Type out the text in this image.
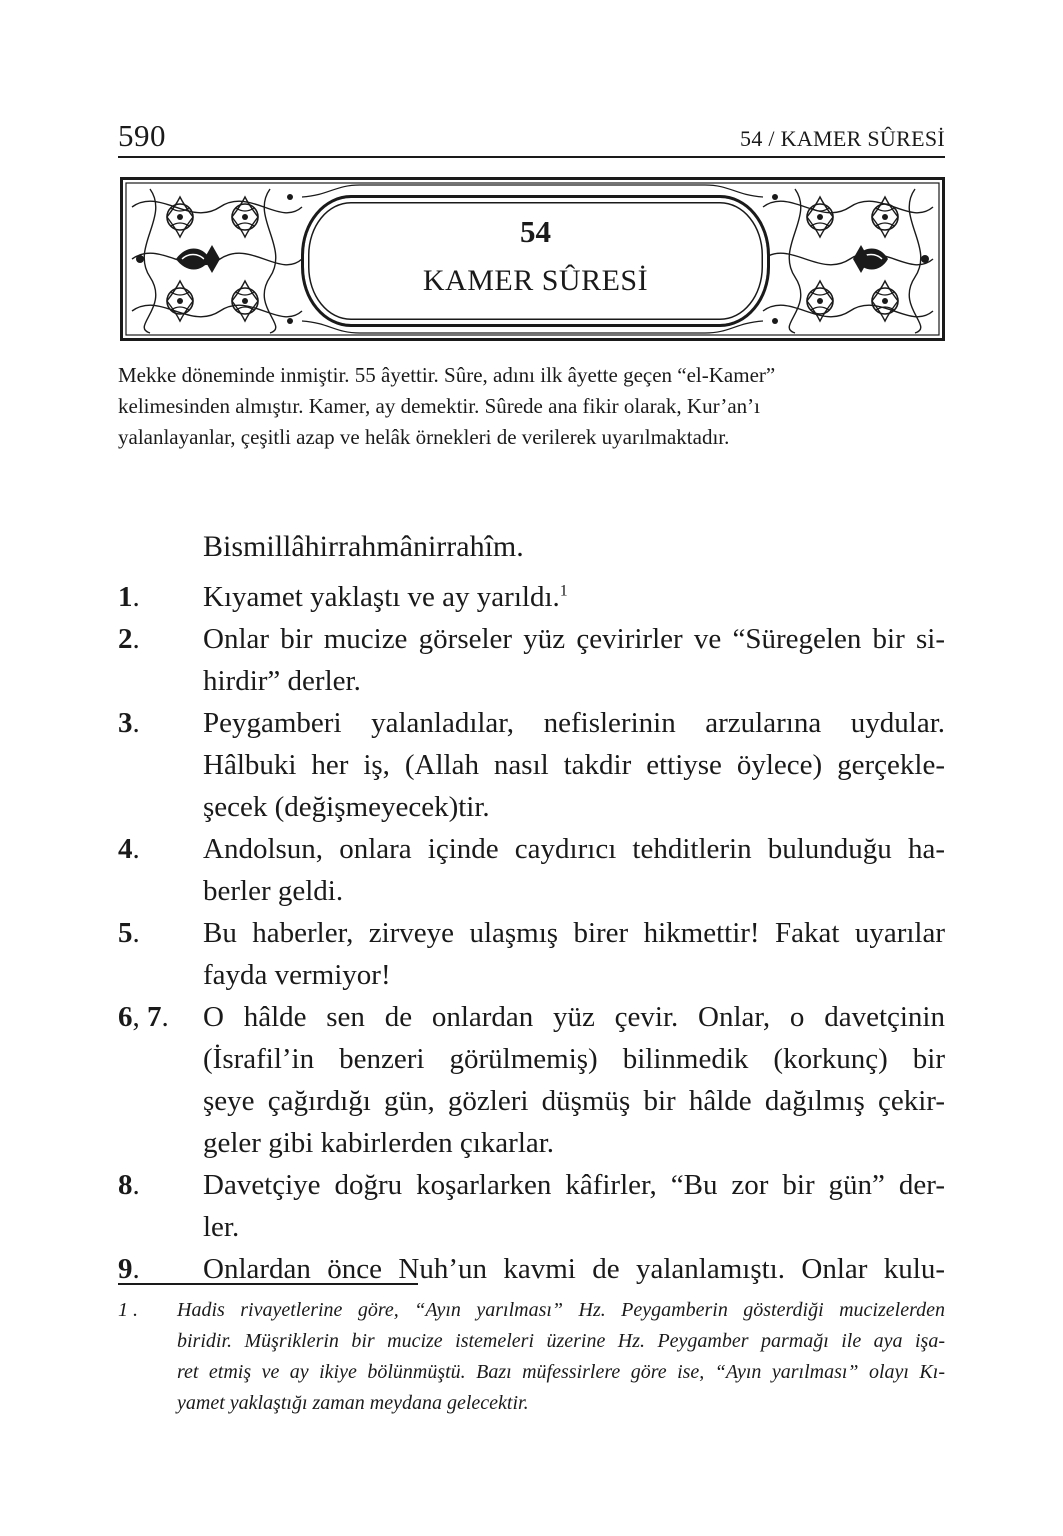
590	54 / KAMER SÛRESİ
54
KAMER SÛRESİ
Mekke döneminde inmiştir. 55 âyettir. Sûre, adını ilk âyette geçen “el-Kamer”
kelimesinden almıştır. Kamer, ay demektir. Sûrede ana fikir olarak, Kur’an’ı
yalanlayanlar, çeşitli azap ve helâk örnekleri de verilerek uyarılmaktadır.
Bismillâhirrahmânirrahîm.
1.	Kıyamet yaklaştı ve ay yarıldı.$^1$
2.	Onlar bir mucize görseler yüz çevirirler ve “Süregelen bir si-
hirdir” derler.
3.	Peygamberi yalanladılar, nefislerinin arzularına uydular.
Hâlbuki her iş, (Allah nasıl takdir ettiyse öylece) gerçekle-
şecek (değişmeyecek)tir.
4.	Andolsun, onlara içinde caydırıcı tehditlerin bulunduğu ha-
berler geldi.
5.	Bu haberler, zirveye ulaşmış birer hikmettir! Fakat uyarılar
fayda vermiyor!
6, 7.	O hâlde sen de onlardan yüz çevir. Onlar, o davetçinin
(İsrafil’in benzeri görülmemiş) bilinmedik (korkunç) bir
şeye çağırdığı gün, gözleri düşmüş bir hâlde dağılmış çekir-
geler gibi kabirlerden çıkarlar.
8.	Davetçiye doğru koşarlarken kâfirler, “Bu zor bir gün” der-
ler.
9.	Onlardan önce Nuh’un kavmi de yalanlamıştı. Onlar kulu-
1 . Hadis rivayetlerine göre, “Ayın yarılması” Hz. Peygamberin gösterdiği mucizelerden
biridir. Müşriklerin bir mucize istemeleri üzerine Hz. Peygamber parmağı ile aya işa-
ret etmiş ve ay ikiye bölünmüştü. Bazı müfessirlere göre ise, “Ayın yarılması” olayı Kı-
yamet yaklaştığı zaman meydana gelecektir.
